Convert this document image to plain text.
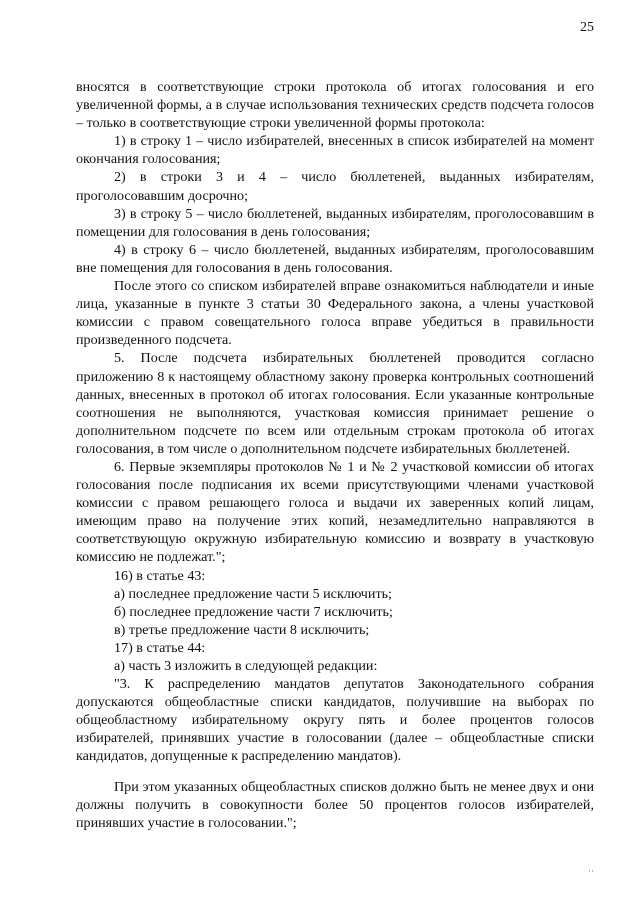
25

вносятся в соответствующие строки протокола об итогах голосования и его увеличенной формы, а в случае использования технических средств подсчета голосов – только в соответствующие строки увеличенной формы протокола:

1) в строку 1 – число избирателей, внесенных в список избирателей на момент окончания голосования;

2) в строки 3 и 4 – число бюллетеней, выданных избирателям, проголосовавшим досрочно;

3) в строку 5 – число бюллетеней, выданных избирателям, проголосовавшим в помещении для голосования в день голосования;

4) в строку 6 – число бюллетеней, выданных избирателям, проголосовавшим вне помещения для голосования в день голосования.

После этого со списком избирателей вправе ознакомиться наблюдатели и иные лица, указанные в пункте 3 статьи 30 Федерального закона, а члены участковой комиссии с правом совещательного голоса вправе убедиться в правильности произведенного подсчета.

5. После подсчета избирательных бюллетеней проводится согласно приложению 8 к настоящему областному закону проверка контрольных соотношений данных, внесенных в протокол об итогах голосования. Если указанные контрольные соотношения не выполняются, участковая комиссия принимает решение о дополнительном подсчете по всем или отдельным строкам протокола об итогах голосования, в том числе о дополнительном подсчете избирательных бюллетеней.

6. Первые экземпляры протоколов № 1 и № 2 участковой комиссии об итогах голосования после подписания их всеми присутствующими членами участковой комиссии с правом решающего голоса и выдачи их заверенных копий лицам, имеющим право на получение этих копий, незамедлительно направляются в соответствующую окружную избирательную комиссию и возврату в участковую комиссию не подлежат.";

16) в статье 43:

а) последнее предложение части 5 исключить;

б) последнее предложение части 7 исключить;

в) третье предложение части 8 исключить;

17) в статье 44:

а) часть 3 изложить в следующей редакции:

"3. К распределению мандатов депутатов Законодательного собрания допускаются общеобластные списки кандидатов, получившие на выборах по общеобластному избирательному округу пять и более процентов голосов избирателей, принявших участие в голосовании (далее – общеобластные списки кандидатов, допущенные к распределению мандатов).

При этом указанных общеобластных списков должно быть не менее двух и они должны получить в совокупности более 50 процентов голосов избирателей, принявших участие в голосовании.";

··
